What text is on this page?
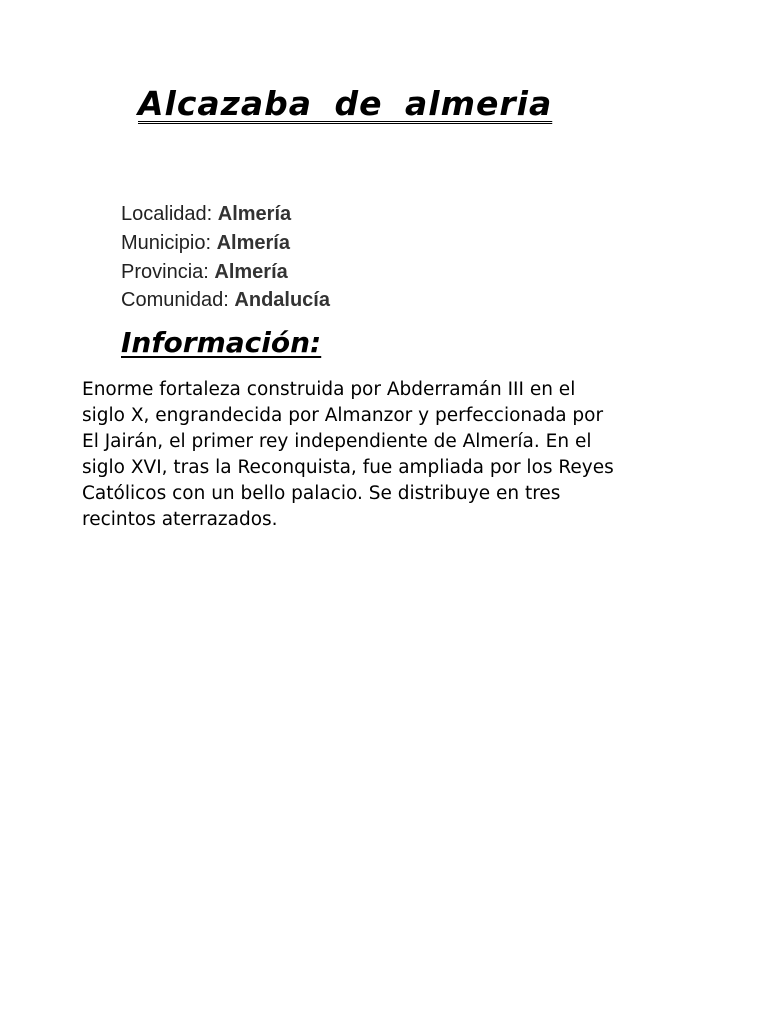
Alcazaba de almeria
Localidad: Almería
Municipio: Almería
Provincia: Almería
Comunidad: Andalucía
Información:

Enorme fortaleza construida por Abderramán III en el
siglo X, engrandecida por Almanzor y perfeccionada por
El Jairán, el primer rey independiente de Almería. En el
siglo XVI, tras la Reconquista, fue ampliada por los Reyes
Católicos con un bello palacio. Se distribuye en tres
recintos aterrazados.
